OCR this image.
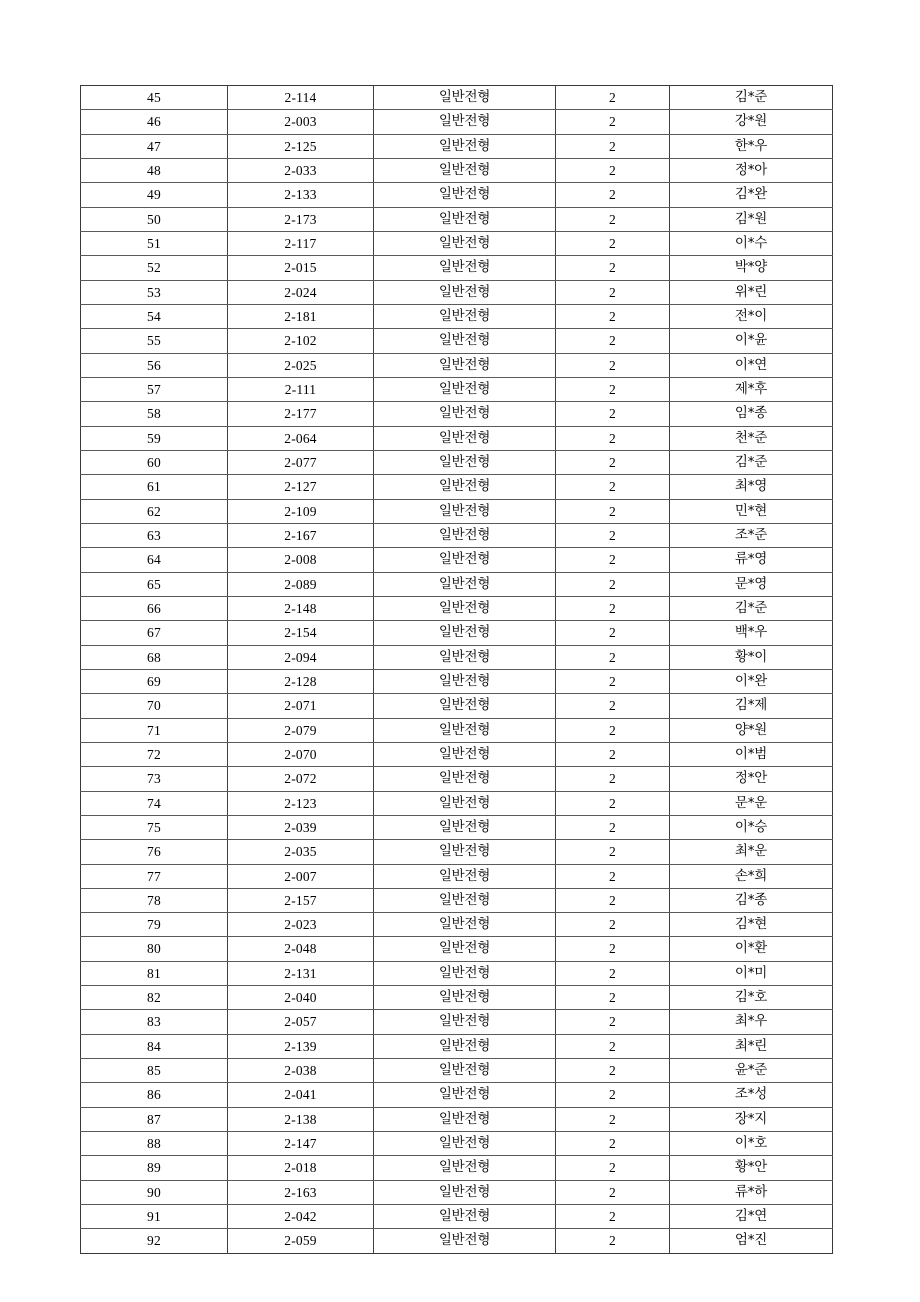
45	2-114	일반전형	2	김*준
46	2-003	일반전형	2	강*원
47	2-125	일반전형	2	한*우
48	2-033	일반전형	2	정*아
49	2-133	일반전형	2	김*완
50	2-173	일반전형	2	김*원
51	2-117	일반전형	2	이*수
52	2-015	일반전형	2	박*양
53	2-024	일반전형	2	위*린
54	2-181	일반전형	2	전*이
55	2-102	일반전형	2	이*윤
56	2-025	일반전형	2	이*연
57	2-111	일반전형	2	제*후
58	2-177	일반전형	2	임*종
59	2-064	일반전형	2	천*준
60	2-077	일반전형	2	김*준
61	2-127	일반전형	2	최*영
62	2-109	일반전형	2	민*현
63	2-167	일반전형	2	조*준
64	2-008	일반전형	2	류*영
65	2-089	일반전형	2	문*영
66	2-148	일반전형	2	김*준
67	2-154	일반전형	2	백*우
68	2-094	일반전형	2	황*이
69	2-128	일반전형	2	이*완
70	2-071	일반전형	2	김*제
71	2-079	일반전형	2	양*원
72	2-070	일반전형	2	이*범
73	2-072	일반전형	2	정*안
74	2-123	일반전형	2	문*운
75	2-039	일반전형	2	이*승
76	2-035	일반전형	2	최*운
77	2-007	일반전형	2	손*희
78	2-157	일반전형	2	김*종
79	2-023	일반전형	2	김*현
80	2-048	일반전형	2	이*환
81	2-131	일반전형	2	이*미
82	2-040	일반전형	2	김*호
83	2-057	일반전형	2	최*우
84	2-139	일반전형	2	최*린
85	2-038	일반전형	2	윤*준
86	2-041	일반전형	2	조*성
87	2-138	일반전형	2	장*지
88	2-147	일반전형	2	이*호
89	2-018	일반전형	2	황*안
90	2-163	일반전형	2	류*하
91	2-042	일반전형	2	김*연
92	2-059	일반전형	2	엄*진
